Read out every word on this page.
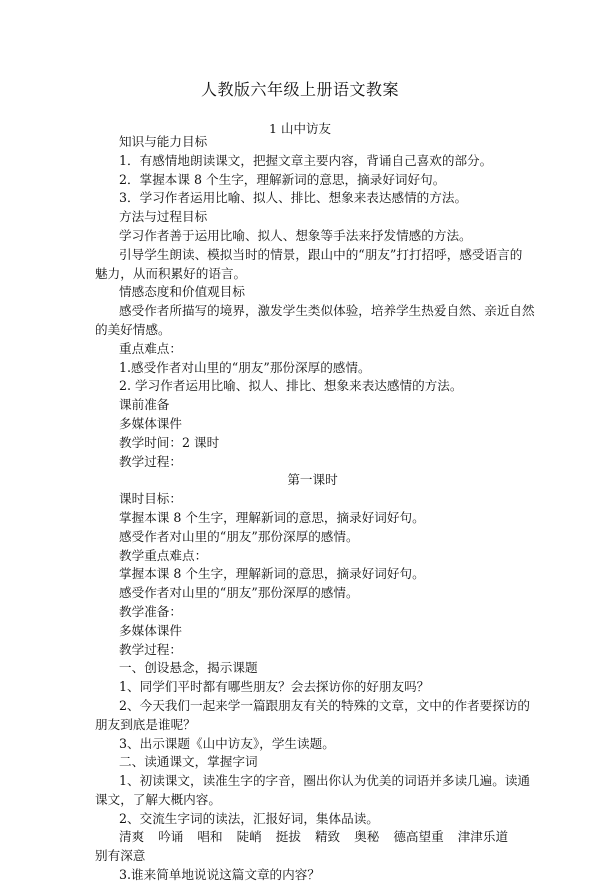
人教版六年级上册语文教案
1 山中访友
知识与能力目标
1．有感情地朗读课文，把握文章主要内容，背诵自己喜欢的部分。
2．掌握本课 8 个生字，理解新词的意思，摘录好词好句。
3．学习作者运用比喻、拟人、排比、想象来表达感情的方法。
方法与过程目标
学习作者善于运用比喻、拟人、想象等手法来抒发情感的方法。
引导学生朗读、模拟当时的情景，跟山中的“朋友”打打招呼，感受语言的
魅力，从而积累好的语言。
情感态度和价值观目标
感受作者所描写的境界，激发学生类似体验，培养学生热爱自然、亲近自然
的美好情感。
重点难点：
1.感受作者对山里的“朋友”那份深厚的感情。
2. 学习作者运用比喻、拟人、排比、想象来表达感情的方法。
课前准备
多媒体课件
教学时间：2 课时
教学过程：
第一课时
课时目标：
掌握本课 8 个生字，理解新词的意思，摘录好词好句。
感受作者对山里的“朋友”那份深厚的感情。
教学重点难点：
掌握本课 8 个生字，理解新词的意思，摘录好词好句。
感受作者对山里的“朋友”那份深厚的感情。
教学准备：
多媒体课件
教学过程：
一、创设悬念，揭示课题
1、同学们平时都有哪些朋友？会去探访你的好朋友吗？
2、今天我们一起来学一篇跟朋友有关的特殊的文章，文中的作者要探访的
朋友到底是谁呢？
3、出示课题《山中访友》，学生读题。
二、读通课文，掌握字词
1、初读课文，读准生字的字音，圈出你认为优美的词语并多读几遍。读通
课文，了解大概内容。
2、交流生字词的读法，汇报好词，集体品读。
清爽 吟诵 唱和 陡峭 挺拔 精致 奥秘 德高望重 津津乐道
别有深意
3.谁来简单地说说这篇文章的内容？
